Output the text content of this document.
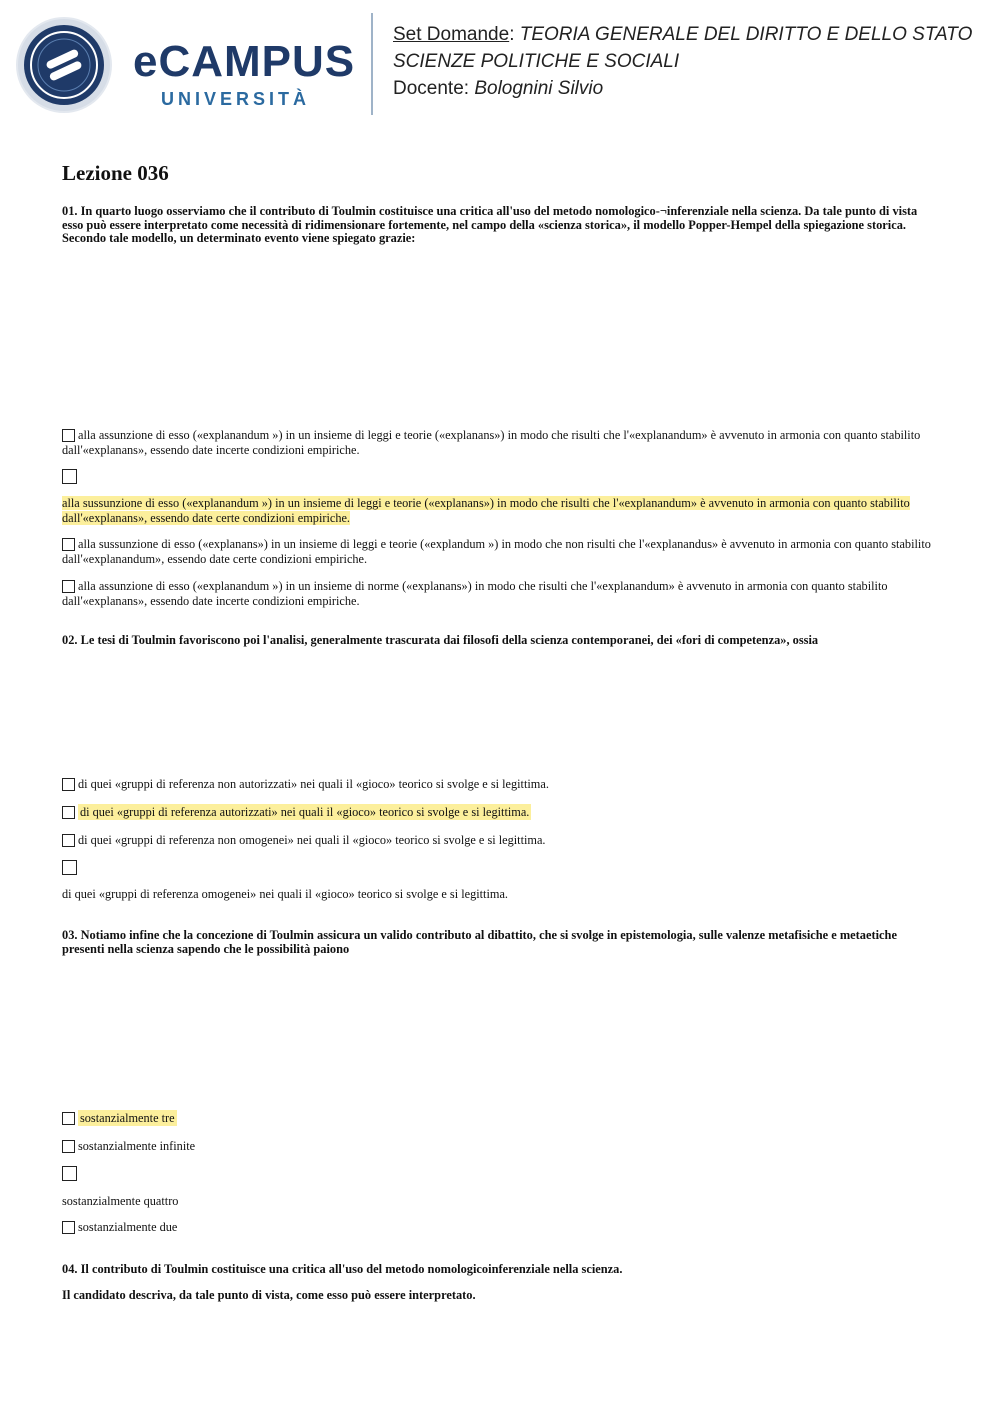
eCAMPUS
UNIVERSITÀ
Set Domande: TEORIA GENERALE DEL DIRITTO E DELLO STATO
SCIENZE POLITICHE E SOCIALI
Docente: Bolognini Silvio
Lezione 036
01. In quarto luogo osserviamo che il contributo di Toulmin costituisce una critica all'uso del metodo nomologico-¬inferenziale nella scienza. Da tale punto di vista esso può essere interpretato come necessità di ridimensionare fortemente, nel campo della «scienza storica», il modello Popper-Hempel della spiegazione storica. Secondo tale modello, un determinato evento viene spiegato grazie:
alla assunzione di esso («explanandum ») in un insieme di leggi e teorie («explanans») in modo che risulti che l'«explanandum» è avvenuto in armonia con quanto stabilito dall'«explanans», essendo date incerte condizioni empiriche.
alla sussunzione di esso («explanandum ») in un insieme di leggi e teorie («explanans») in modo che risulti che l'«explanandum» è avvenuto in armonia con quanto stabilito dall'«explanans», essendo date certe condizioni empiriche.
alla sussunzione di esso («explanans») in un insieme di leggi e teorie («explandum ») in modo che non risulti che l'«explanandus» è avvenuto in armonia con quanto stabilito dall'«explanandum», essendo date certe condizioni empiriche.
alla assunzione di esso («explanandum ») in un insieme di norme («explanans») in modo che risulti che l'«explanandum» è avvenuto in armonia con quanto stabilito dall'«explanans», essendo date incerte condizioni empiriche.
02. Le tesi di Toulmin favoriscono poi l'analisi, generalmente trascurata dai filosofi della scienza contemporanei, dei «fori di competenza», ossia
di quei «gruppi di referenza non autorizzati» nei quali il «gioco» teorico si svolge e si legittima.
di quei «gruppi di referenza autorizzati» nei quali il «gioco» teorico si svolge e si legittima.
di quei «gruppi di referenza non omogenei» nei quali il «gioco» teorico si svolge e si legittima.
di quei «gruppi di referenza omogenei» nei quali il «gioco» teorico si svolge e si legittima.
03. Notiamo infine che la concezione di Toulmin assicura un valido contributo al dibattito, che si svolge in epistemologia, sulle valenze metafisiche e metaetiche presenti nella scienza sapendo che le possibilità paiono
sostanzialmente tre
sostanzialmente infinite
sostanzialmente quattro
sostanzialmente due
04. Il contributo di Toulmin costituisce una critica all'uso del metodo nomologicoinferenziale nella scienza.
Il candidato descriva, da tale punto di vista, come esso può essere interpretato.
